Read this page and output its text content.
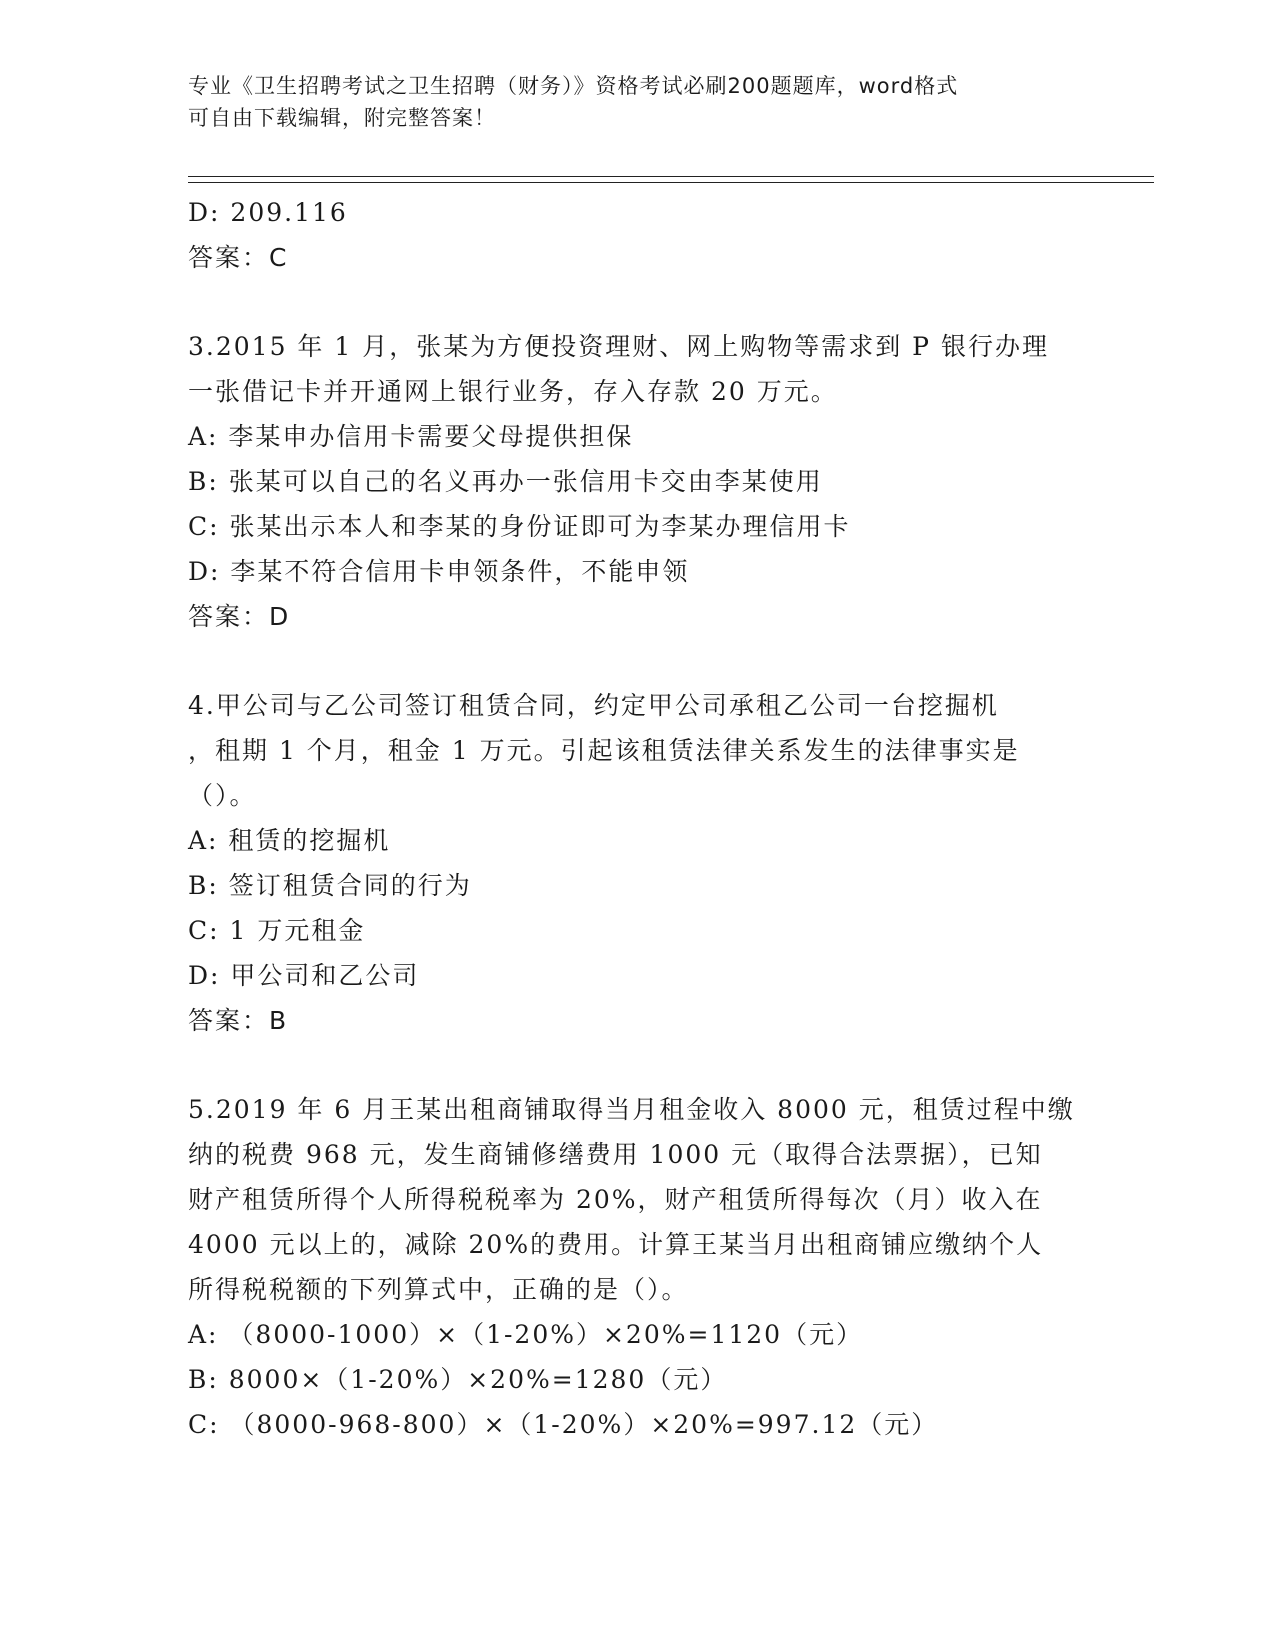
专业《卫生招聘考试之卫生招聘（财务）》资格考试必刷200题题库，word格式
可自由下载编辑，附完整答案！
D: 209.116
答案：C
3.2015 年 1 月，张某为方便投资理财、网上购物等需求到 P 银行办理
一张借记卡并开通网上银行业务，存入存款 20 万元。
A: 李某申办信用卡需要父母提供担保
B: 张某可以自己的名义再办一张信用卡交由李某使用
C: 张某出示本人和李某的身份证即可为李某办理信用卡
D: 李某不符合信用卡申领条件，不能申领
答案：D
4.甲公司与乙公司签订租赁合同，约定甲公司承租乙公司一台挖掘机
，租期 1 个月，租金 1 万元。引起该租赁法律关系发生的法律事实是
（）。
A: 租赁的挖掘机
B: 签订租赁合同的行为
C: 1 万元租金
D: 甲公司和乙公司
答案：B
5.2019 年 6 月王某出租商铺取得当月租金收入 8000 元，租赁过程中缴
纳的税费 968 元，发生商铺修缮费用 1000 元（取得合法票据），已知
财产租赁所得个人所得税税率为 20%，财产租赁所得每次（月）收入在
4000 元以上的，减除 20%的费用。计算王某当月出租商铺应缴纳个人
所得税税额的下列算式中，正确的是（）。
A: （8000-1000）×（1-20%）×20%=1120（元）
B: 8000×（1-20%）×20%=1280（元）
C: （8000-968-800）×（1-20%）×20%=997.12（元）
